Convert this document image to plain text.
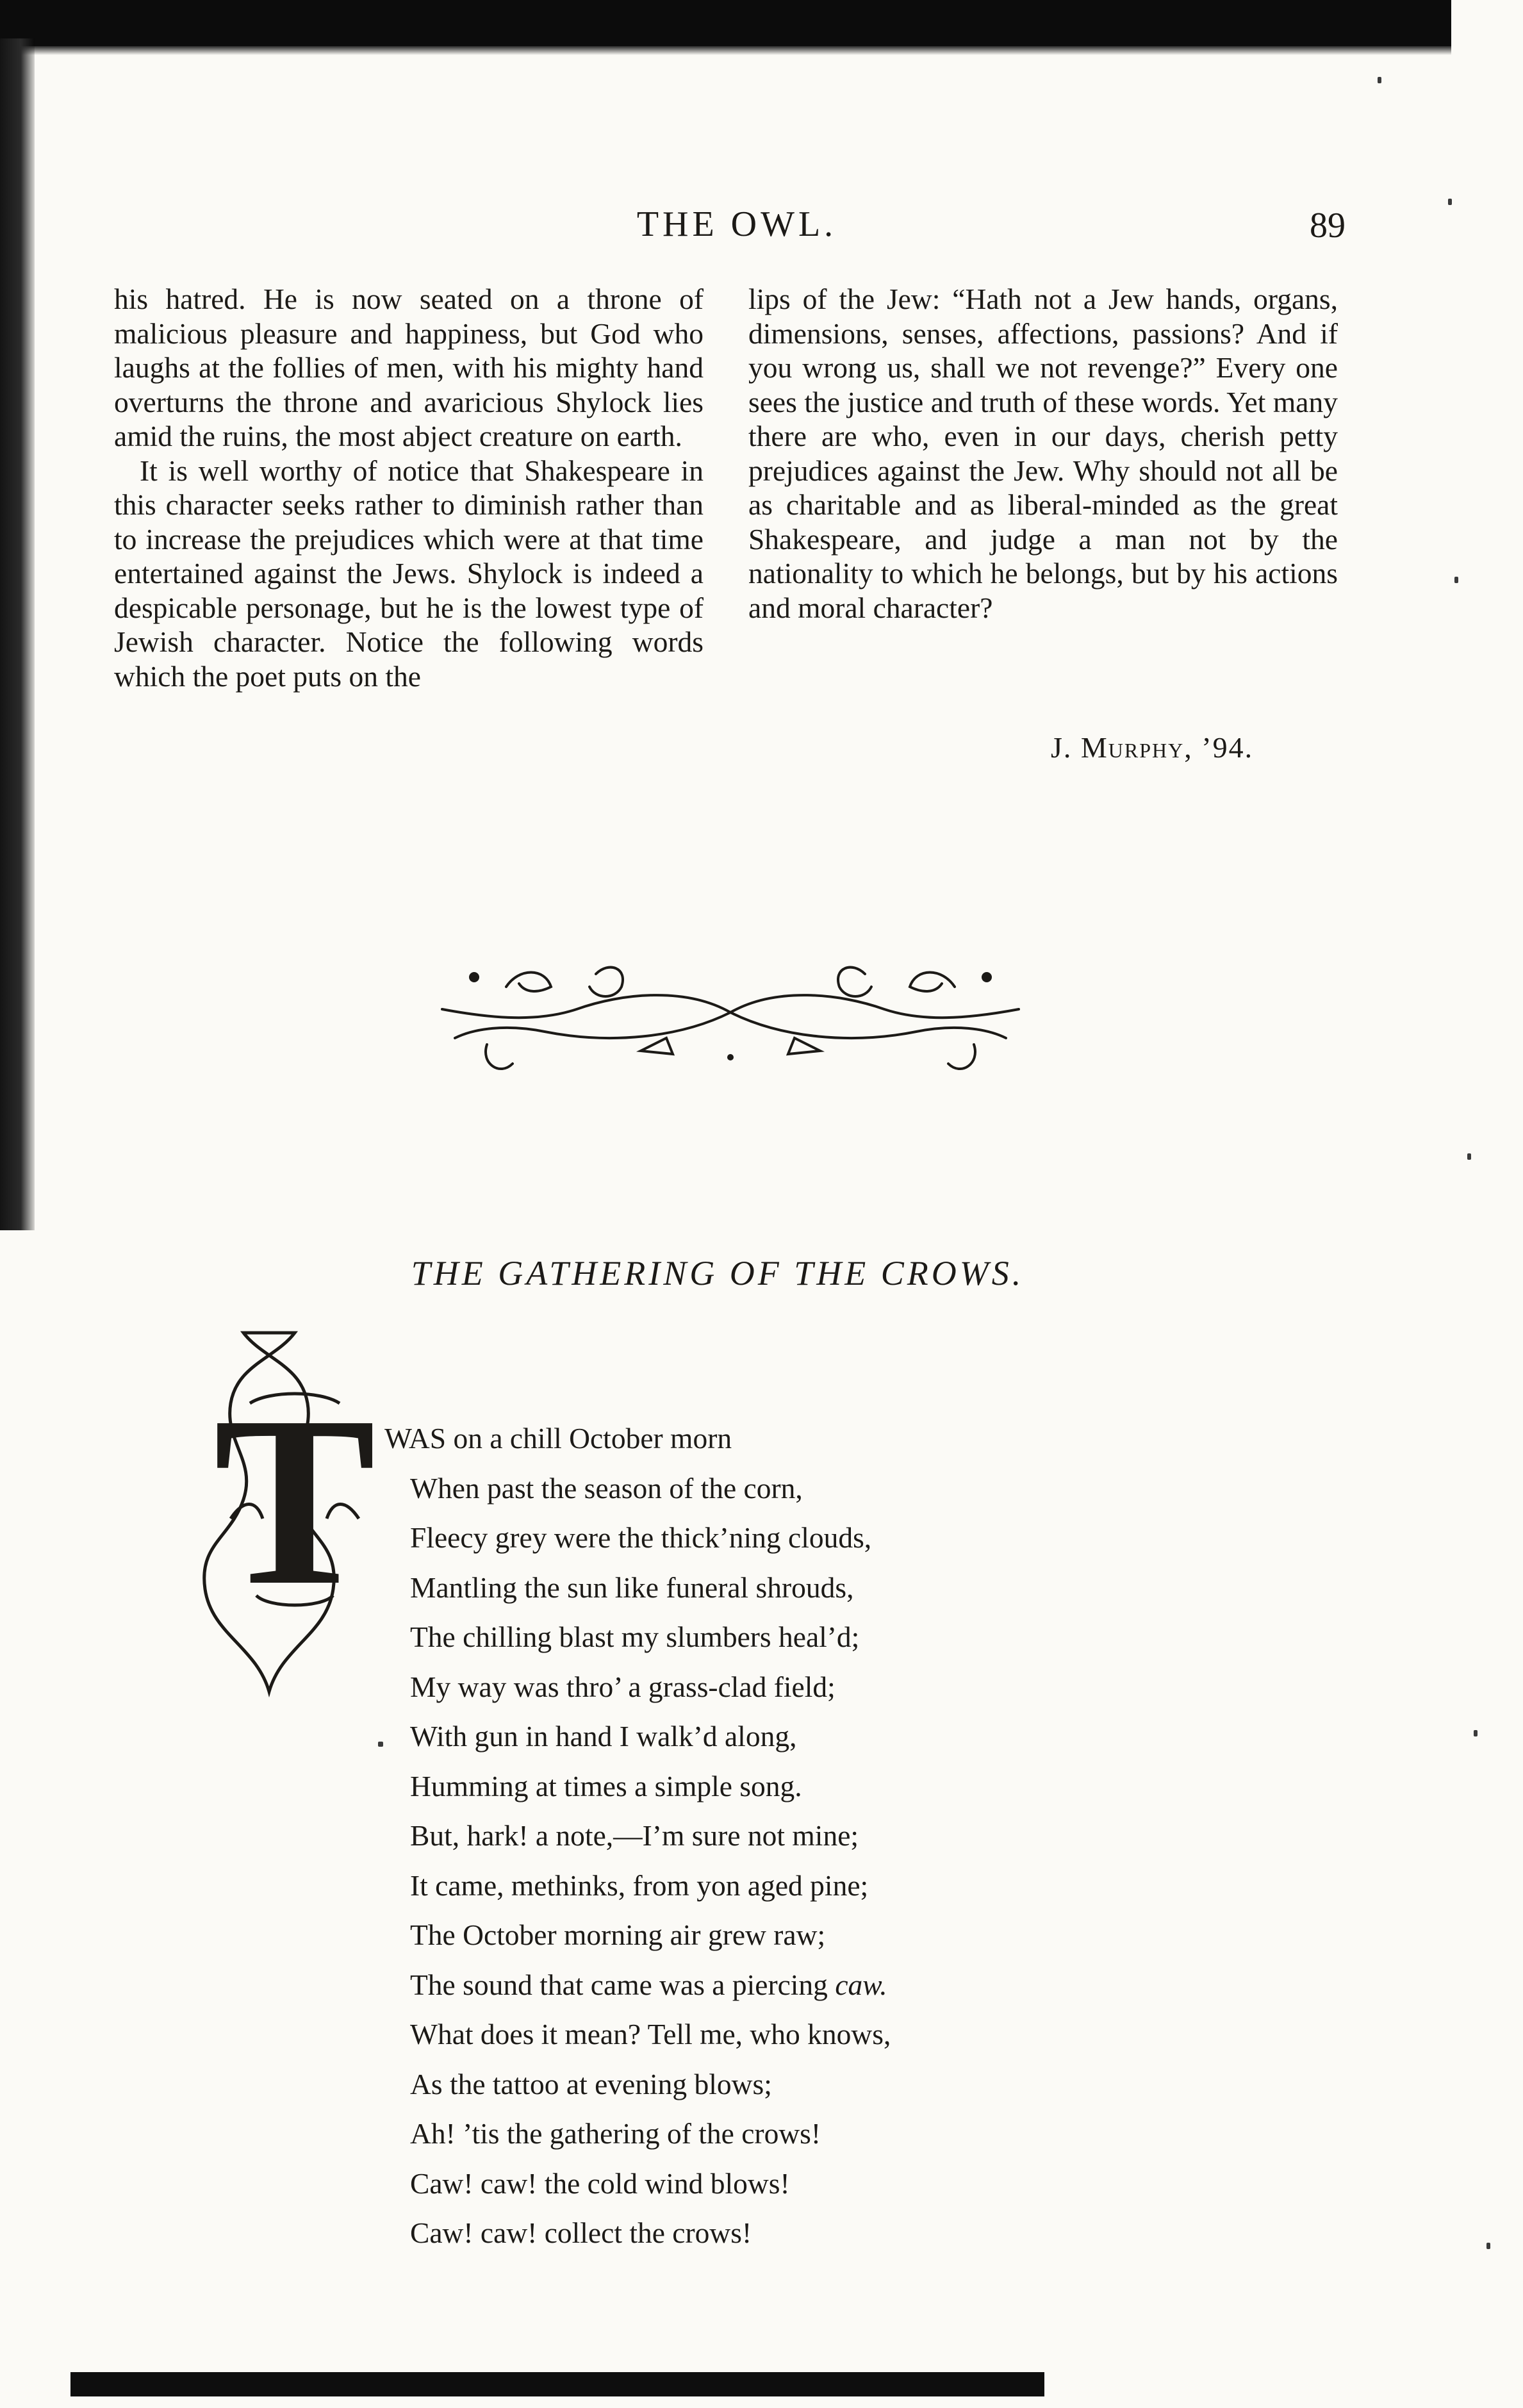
THE OWL.	89

his hatred. He is now seated on a throne of malicious pleasure and happiness, but God who laughs at the follies of men, with his mighty hand overturns the throne and avaricious Shylock lies amid the ruins, the most abject creature on earth.

It is well worthy of notice that Shakespeare in this character seeks rather to diminish rather than to increase the prejudices which were at that time entertained against the Jews. Shylock is indeed a despicable personage, but he is the lowest type of Jewish character. Notice the following words which the poet puts on the

lips of the Jew: “Hath not a Jew hands, organs, dimensions, senses, affections, passions? And if you wrong us, shall we not revenge?” Every one sees the justice and truth of these words. Yet many there are who, even in our days, cherish petty prejudices against the Jew. Why should not all be as charitable and as liberal-minded as the great Shakespeare, and judge a man not by the nationality to which he belongs, but by his actions and moral character?

J. Murphy, ’94.
THE GATHERING OF THE CROWS.
T WAS on a chill October morn
When past the season of the corn,
Fleecy grey were the thick’ning clouds,
Mantling the sun like funeral shrouds,
The chilling blast my slumbers heal’d;
My way was thro’ a grass-clad field;
With gun in hand I walk’d along,
Humming at times a simple song.
But, hark! a note,—I’m sure not mine;
It came, methinks, from yon aged pine;
The October morning air grew raw;
The sound that came was a piercing caw.
What does it mean? Tell me, who knows,
As the tattoo at evening blows;
Ah! ’tis the gathering of the crows!
Caw! caw! the cold wind blows!
Caw! caw! collect the crows!
